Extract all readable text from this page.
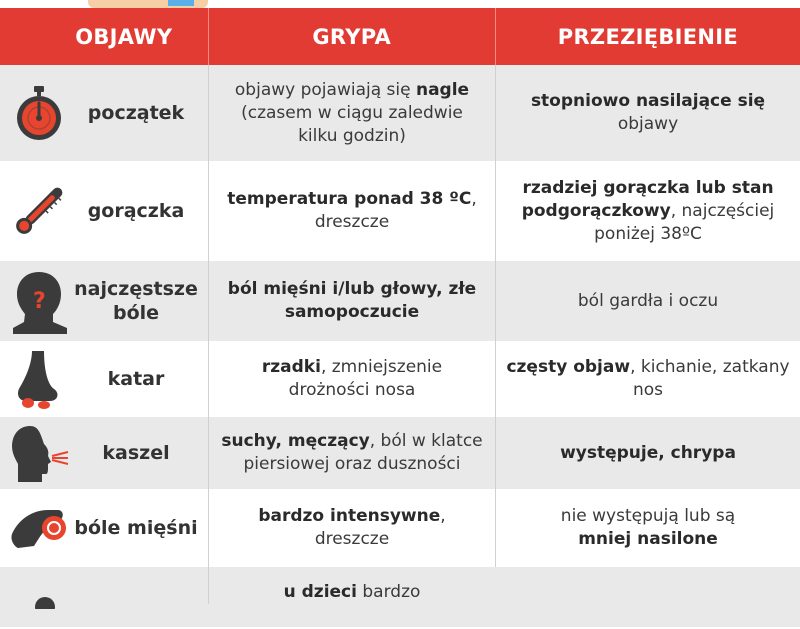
OBJAWY	GRYPA	PRZEZIĘBIENIE
początek
objawy pojawiają się nagle (czasem w ciągu zaledwie kilku godzin)
stopniowo nasilające się
objawy
gorączka
temperatura ponad 38 ºC, dreszcze
rzadziej gorączka lub stan podgorączkowy, najczęściej poniżej 38ºC
? najczęstsze bóle
ból mięśni i/lub głowy, złe samopoczucie
ból gardła i oczu
katar
rzadki, zmniejszenie drożności nosa
częsty objaw, kichanie, zatkany nos
kaszel
suchy, męczący, ból w klatce piersiowej oraz duszności
występuje, chrypa
bóle mięśni
bardzo intensywne, dreszcze
nie występują lub są
mniej nasilone
u dzieci bardzo
